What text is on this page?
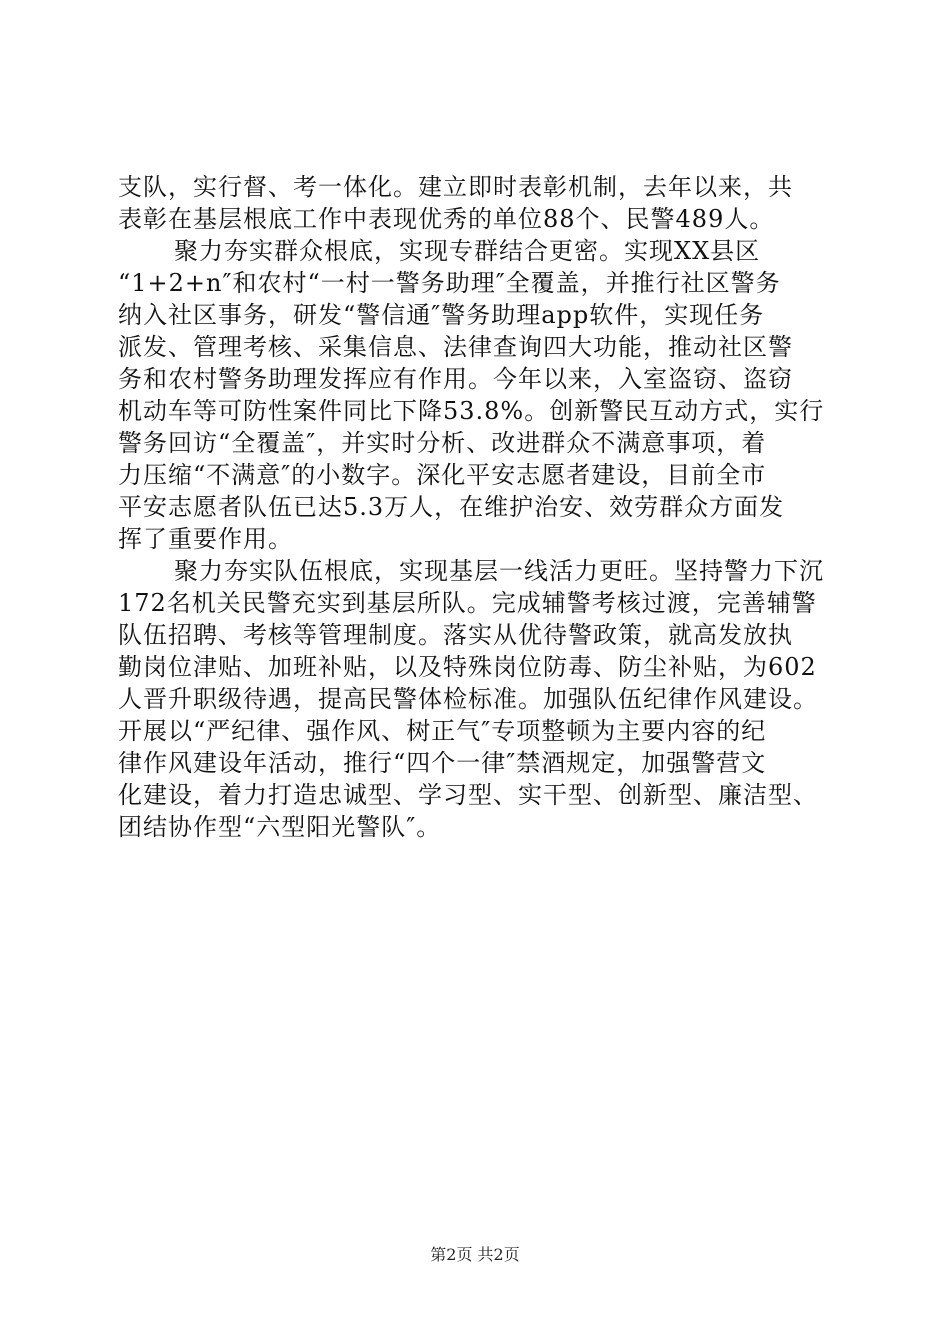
支队，实行督、考一体化。建立即时表彰机制，去年以来，共
表彰在基层根底工作中表现优秀的单位88个、民警489人。
聚力夯实群众根底，实现专群结合更密。实现XX县区
“1+2+n″和农村“一村一警务助理″全覆盖，并推行社区警务
纳入社区事务，研发“警信通″警务助理app软件，实现任务
派发、管理考核、采集信息、法律查询四大功能，推动社区警
务和农村警务助理发挥应有作用。今年以来，入室盗窃、盗窃
机动车等可防性案件同比下降53.8%。创新警民互动方式，实行
警务回访“全覆盖″，并实时分析、改进群众不满意事项，着
力压缩“不满意″的小数字。深化平安志愿者建设，目前全市
平安志愿者队伍已达5.3万人，在维护治安、效劳群众方面发
挥了重要作用。
聚力夯实队伍根底，实现基层一线活力更旺。坚持警力下沉
172名机关民警充实到基层所队。完成辅警考核过渡，完善辅警
队伍招聘、考核等管理制度。落实从优待警政策，就高发放执
勤岗位津贴、加班补贴，以及特殊岗位防毒、防尘补贴，为602
人晋升职级待遇，提高民警体检标准。加强队伍纪律作风建设。
开展以“严纪律、强作风、树正气″专项整顿为主要内容的纪
律作风建设年活动，推行“四个一律″禁酒规定，加强警营文
化建设，着力打造忠诚型、学习型、实干型、创新型、廉洁型、
团结协作型“六型阳光警队″。
第2页 共2页
